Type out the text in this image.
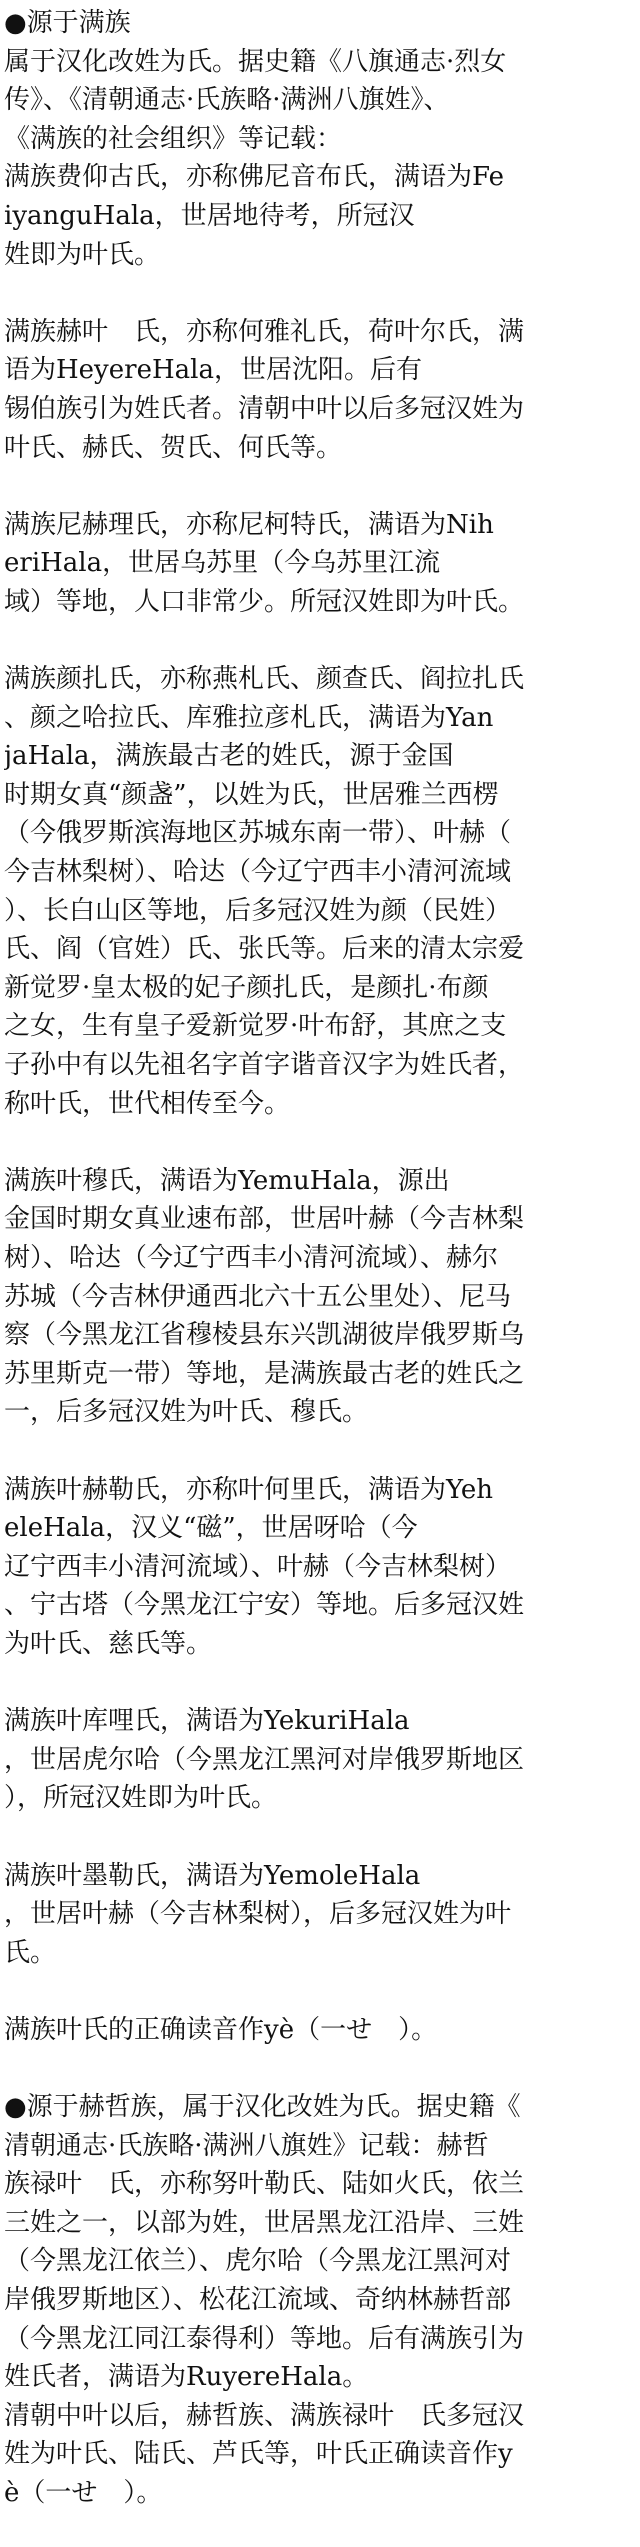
●源于满族
属于汉化改姓为氏。据史籍《八旗通志·烈女
传》、《清朝通志·氏族略·满洲八旗姓》、
《满族的社会组织》等记载：
满族费仰古氏，亦称佛尼音布氏，满语为Fe
iyanguHala，世居地待考，所冠汉
姓即为叶氏。
满族赫叶　氏，亦称何雅礼氏，荷叶尔氏，满
语为HeyereHala，世居沈阳。后有
锡伯族引为姓氏者。清朝中叶以后多冠汉姓为
叶氏、赫氏、贺氏、何氏等。
满族尼赫理氏，亦称尼柯特氏，满语为Nih
eriHala，世居乌苏里（今乌苏里江流
域）等地，人口非常少。所冠汉姓即为叶氏。
满族颜扎氏，亦称燕札氏、颜查氏、阎拉扎氏
、颜之哈拉氏、库雅拉彦札氏，满语为Yan
jaHala，满族最古老的姓氏，源于金国
时期女真“颜盏”，以姓为氏，世居雅兰西楞
（今俄罗斯滨海地区苏城东南一带）、叶赫（
今吉林梨树）、哈达（今辽宁西丰小清河流域
）、长白山区等地，后多冠汉姓为颜（民姓）
氏、阎（官姓）氏、张氏等。后来的清太宗爱
新觉罗·皇太极的妃子颜扎氏，是颜扎·布颜
之女，生有皇子爱新觉罗·叶布舒，其庶之支
子孙中有以先祖名字首字谐音汉字为姓氏者，
称叶氏，世代相传至今。
满族叶穆氏，满语为YemuHala，源出
金国时期女真业速布部，世居叶赫（今吉林梨
树）、哈达（今辽宁西丰小清河流域）、赫尔
苏城（今吉林伊通西北六十五公里处）、尼马
察（今黑龙江省穆棱县东兴凯湖彼岸俄罗斯乌
苏里斯克一带）等地，是满族最古老的姓氏之
一，后多冠汉姓为叶氏、穆氏。
满族叶赫勒氏，亦称叶何里氏，满语为Yeh
eleHala，汉义“磁”，世居呀哈（今
辽宁西丰小清河流域）、叶赫（今吉林梨树）
、宁古塔（今黑龙江宁安）等地。后多冠汉姓
为叶氏、慈氏等。
满族叶库哩氏，满语为YekuriHala
，世居虎尔哈（今黑龙江黑河对岸俄罗斯地区
），所冠汉姓即为叶氏。
满族叶墨勒氏，满语为YemoleHala
，世居叶赫（今吉林梨树），后多冠汉姓为叶
氏。
满族叶氏的正确读音作yè（一せ　）。
●源于赫哲族，属于汉化改姓为氏。据史籍《
清朝通志·氏族略·满洲八旗姓》记载：赫哲
族禄叶　氏，亦称努叶勒氏、陆如火氏，依兰
三姓之一，以部为姓，世居黑龙江沿岸、三姓
（今黑龙江依兰）、虎尔哈（今黑龙江黑河对
岸俄罗斯地区）、松花江流域、奇纳林赫哲部
（今黑龙江同江泰得利）等地。后有满族引为
姓氏者，满语为RuyereHala。
清朝中叶以后，赫哲族、满族禄叶　氏多冠汉
姓为叶氏、陆氏、芦氏等，叶氏正确读音作y
è（一せ　）。
